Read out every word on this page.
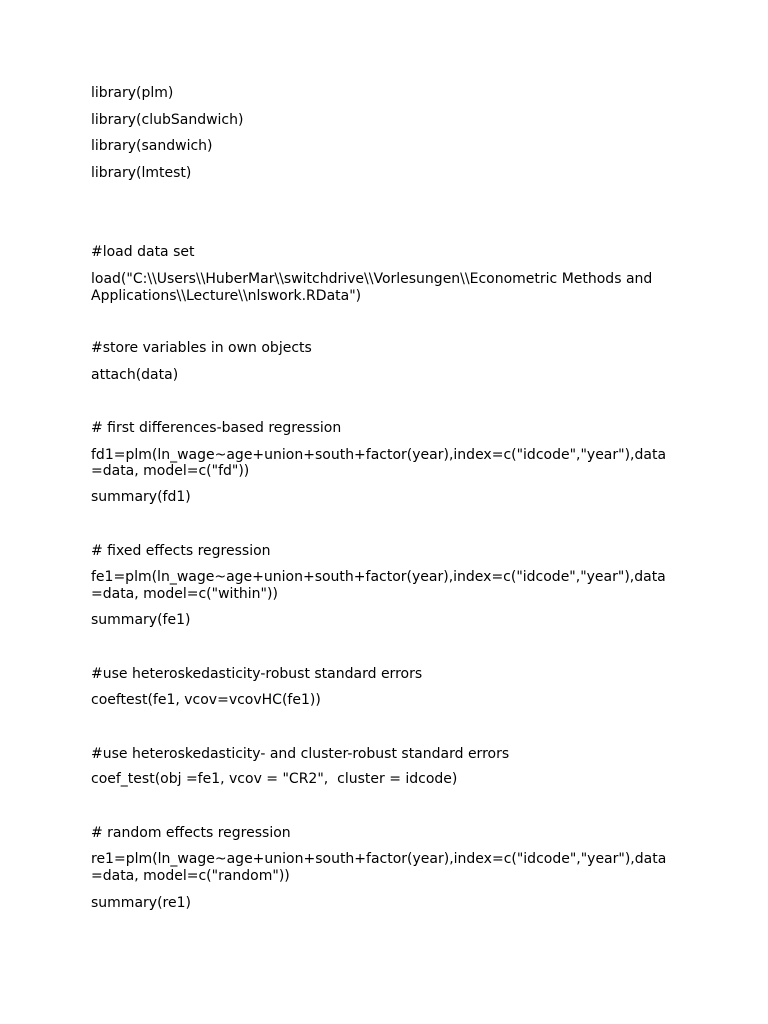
library(plm)

library(clubSandwich)

library(sandwich)

library(lmtest)

#load data set

load("C:\\Users\\HuberMar\\switchdrive\\Vorlesungen\\Econometric Methods and

Applications\\Lecture\\nlswork.RData")

#store variables in own objects

attach(data)

# first differences-based regression

fd1=plm(ln_wage~age+union+south+factor(year),index=c("idcode","year"),data

=data, model=c("fd"))

summary(fd1)

# fixed effects regression

fe1=plm(ln_wage~age+union+south+factor(year),index=c("idcode","year"),data

=data, model=c("within"))

summary(fe1)

#use heteroskedasticity-robust standard errors

coeftest(fe1, vcov=vcovHC(fe1))

#use heteroskedasticity- and cluster-robust standard errors

coef_test(obj =fe1, vcov = "CR2",  cluster = idcode)

# random effects regression

re1=plm(ln_wage~age+union+south+factor(year),index=c("idcode","year"),data

=data, model=c("random"))

summary(re1)
